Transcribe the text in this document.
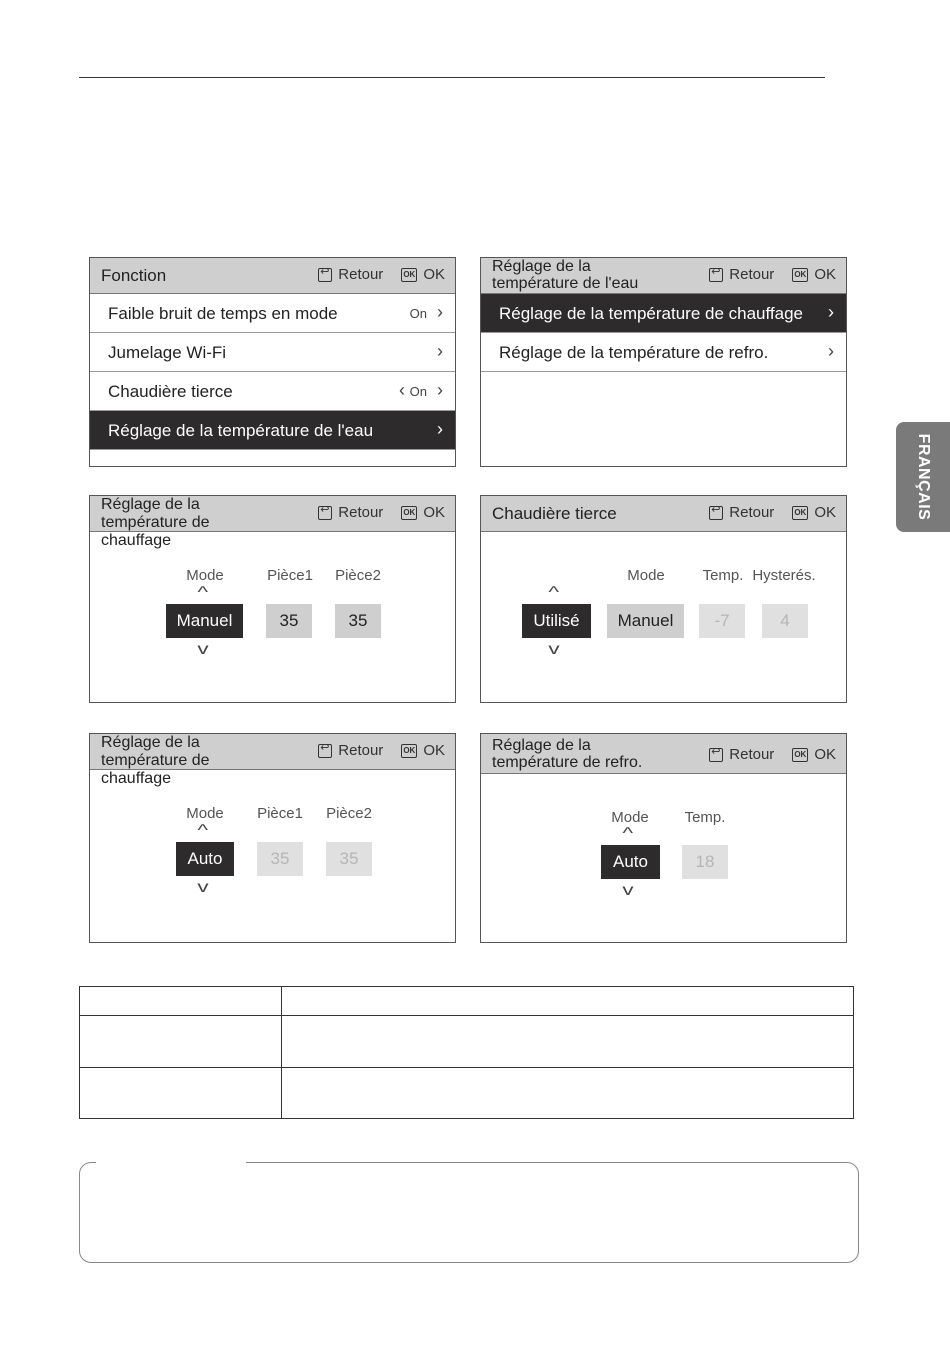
FRANÇAIS
Fonction ↩	Retour	OK OK
Faible bruit de temps en mode	On ›
Jumelage Wi-Fi	›
Chaudière tierce	‹ On ›
Réglage de la température de l'eau	›
Réglage de la
température de l'eau
↩
Retour	OK OK
Réglage de la température de chauffage ›
Réglage de la température de refro.	›
↩
Retour	OK OK
Réglage de la
température de
chauffage
Mode	Pièce1	Pièce2
^
Manuel	35	35
v
Chaudière tierce ↩	Retour	OK OK
Mode	Temp. Hysterés.
^
Utilisé	Manuel	-7	4
v
↩
Retour	OK OK
Réglage de la
température de
chauffage
Mode	Pièce1	Pièce2
^
Auto	35	35
v
Réglage de la
température de refro. ↩	Retour	OK OK
Mode	Temp.
^
Auto	18
v
